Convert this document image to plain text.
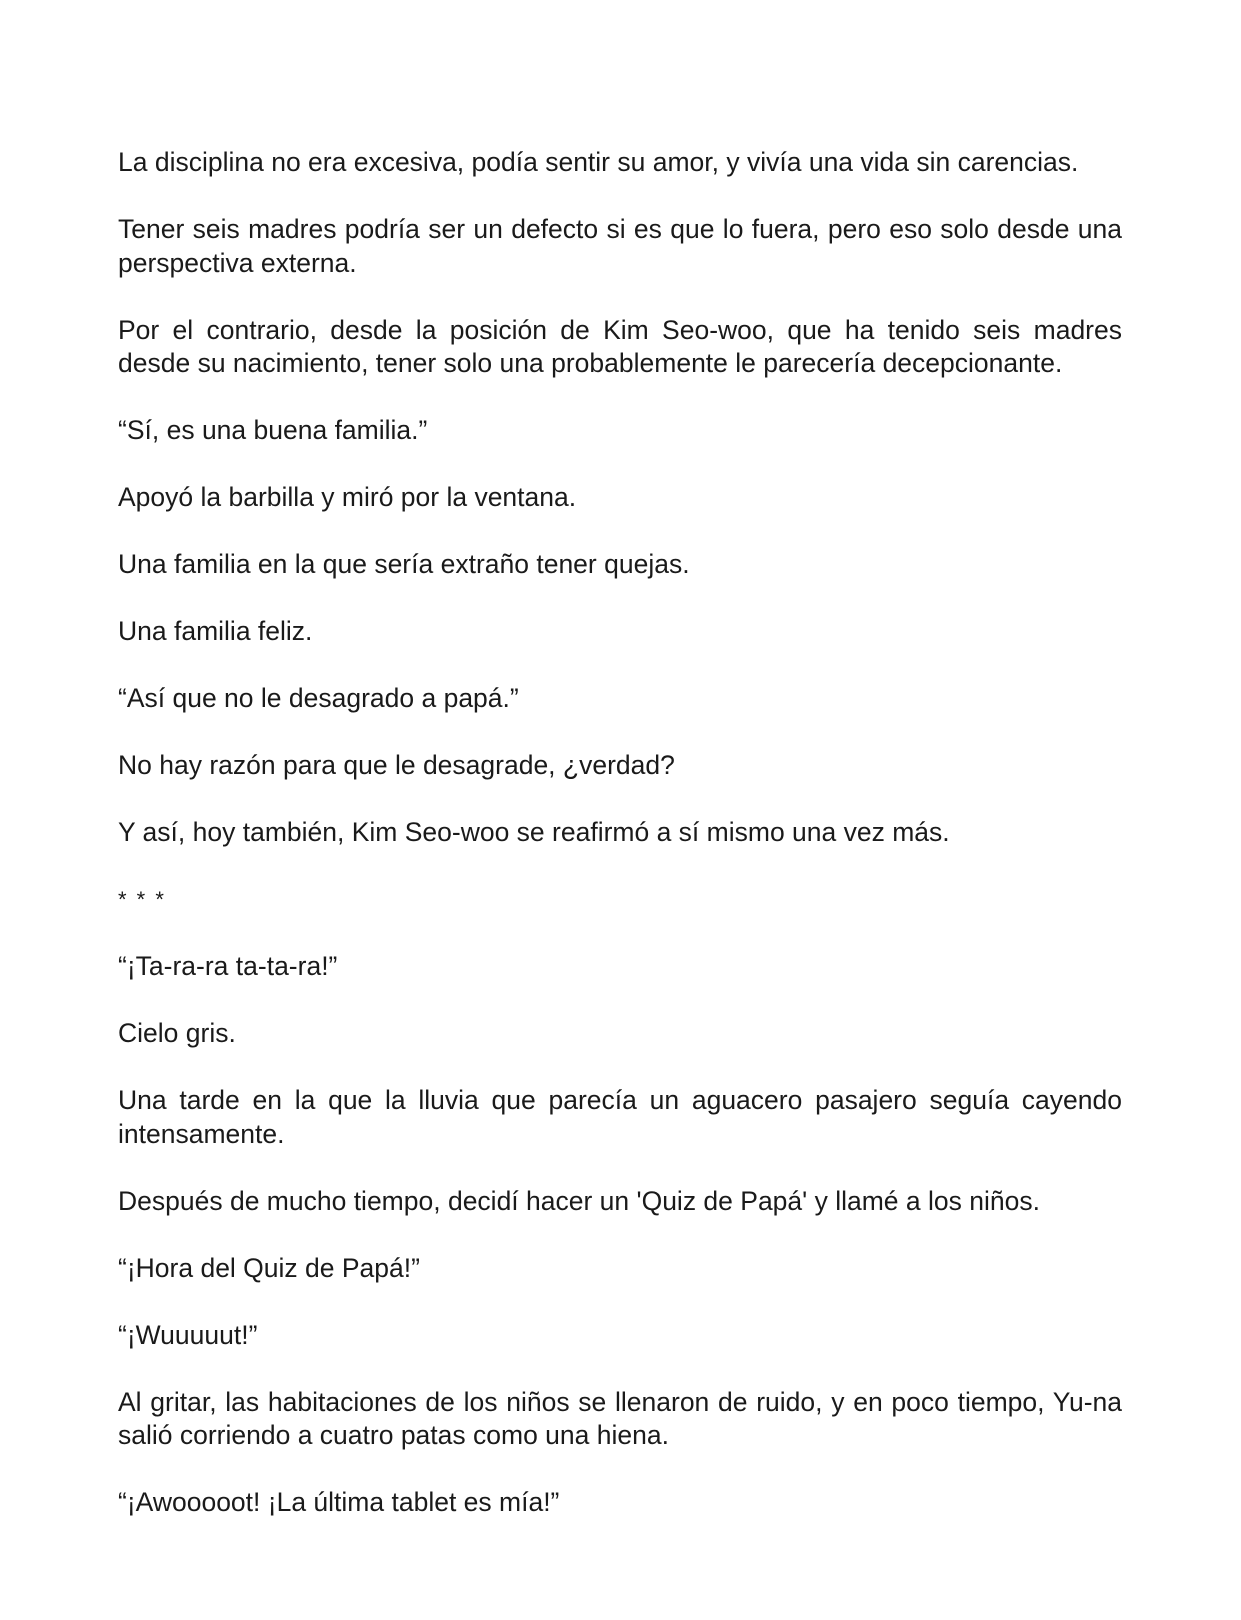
La disciplina no era excesiva, podía sentir su amor, y vivía una vida sin carencias.

Tener seis madres podría ser un defecto si es que lo fuera, pero eso solo desde una perspectiva externa.

Por el contrario, desde la posición de Kim Seo-woo, que ha tenido seis madres desde su nacimiento, tener solo una probablemente le parecería decepcionante.

“Sí, es una buena familia.”

Apoyó la barbilla y miró por la ventana.

Una familia en la que sería extraño tener quejas.

Una familia feliz.

“Así que no le desagrado a papá.”

No hay razón para que le desagrade, ¿verdad?

Y así, hoy también, Kim Seo-woo se reafirmó a sí mismo una vez más.

* * *

“¡Ta-ra-ra ta-ta-ra!”

Cielo gris.

Una tarde en la que la lluvia que parecía un aguacero pasajero seguía cayendo intensamente.

Después de mucho tiempo, decidí hacer un 'Quiz de Papá' y llamé a los niños.

“¡Hora del Quiz de Papá!”

“¡Wuuuuut!”

Al gritar, las habitaciones de los niños se llenaron de ruido, y en poco tiempo, Yu-na salió corriendo a cuatro patas como una hiena.

“¡Awooooot! ¡La última tablet es mía!”
